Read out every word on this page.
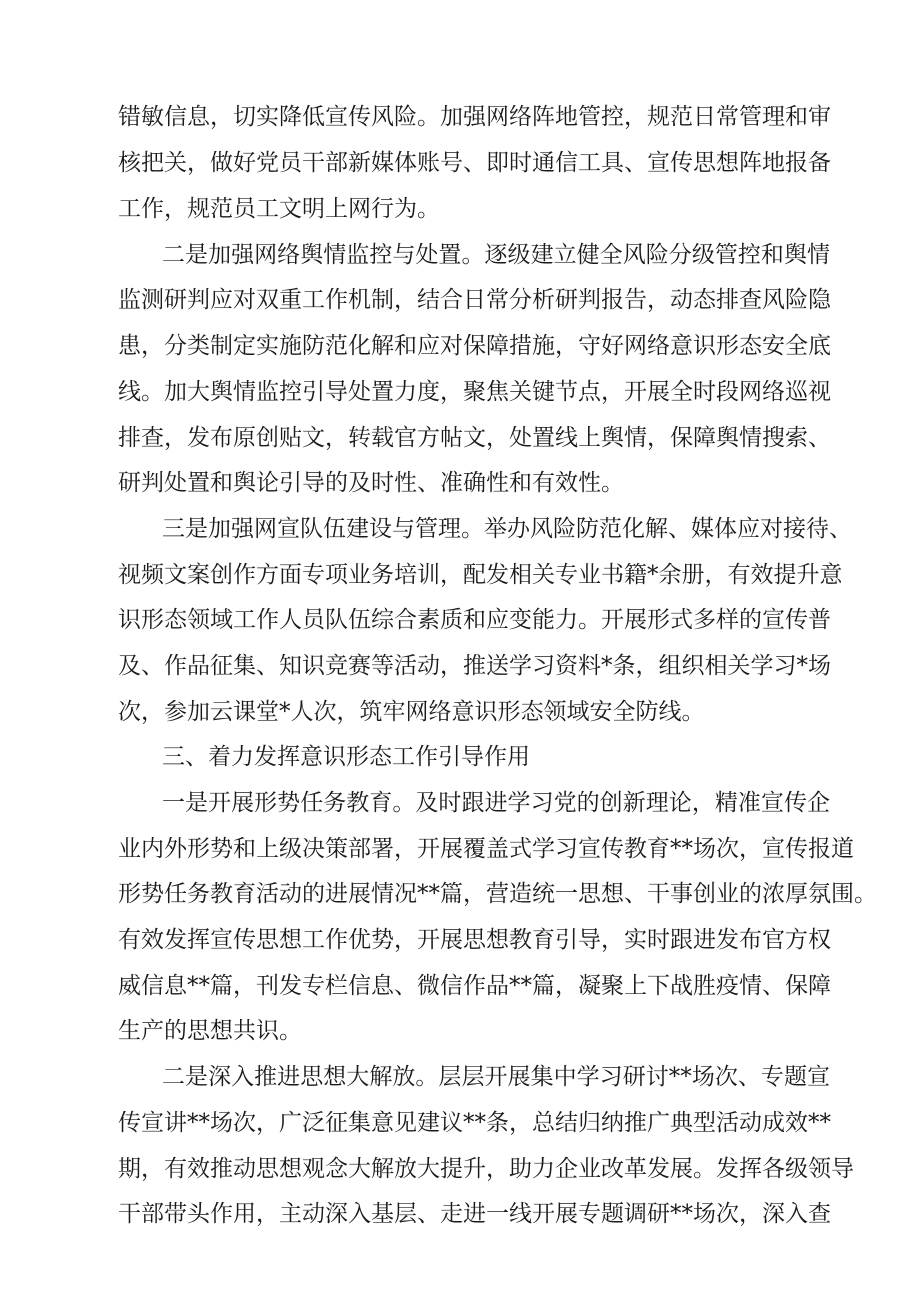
错敏信息，切实降低宣传风险。加强网络阵地管控，规范日常管理和审
核把关，做好党员干部新媒体账号、即时通信工具、宣传思想阵地报备
工作，规范员工文明上网行为。
二是加强网络舆情监控与处置。逐级建立健全风险分级管控和舆情
监测研判应对双重工作机制，结合日常分析研判报告，动态排查风险隐
患，分类制定实施防范化解和应对保障措施，守好网络意识形态安全底
线。加大舆情监控引导处置力度，聚焦关键节点，开展全时段网络巡视
排查，发布原创贴文，转载官方帖文，处置线上舆情，保障舆情搜索、
研判处置和舆论引导的及时性、准确性和有效性。
三是加强网宣队伍建设与管理。举办风险防范化解、媒体应对接待、
视频文案创作方面专项业务培训，配发相关专业书籍*余册，有效提升意
识形态领域工作人员队伍综合素质和应变能力。开展形式多样的宣传普
及、作品征集、知识竞赛等活动，推送学习资料*条，组织相关学习*场
次，参加云课堂*人次，筑牢网络意识形态领域安全防线。
三、着力发挥意识形态工作引导作用
一是开展形势任务教育。及时跟进学习党的创新理论，精准宣传企
业内外形势和上级决策部署，开展覆盖式学习宣传教育**场次，宣传报道
形势任务教育活动的进展情况**篇，营造统一思想、干事创业的浓厚氛围。
有效发挥宣传思想工作优势，开展思想教育引导，实时跟进发布官方权
威信息**篇，刊发专栏信息、微信作品**篇，凝聚上下战胜疫情、保障
生产的思想共识。
二是深入推进思想大解放。层层开展集中学习研讨**场次、专题宣
传宣讲**场次，广泛征集意见建议**条，总结归纳推广典型活动成效**
期，有效推动思想观念大解放大提升，助力企业改革发展。发挥各级领导
干部带头作用，主动深入基层、走进一线开展专题调研**场次，深入查
